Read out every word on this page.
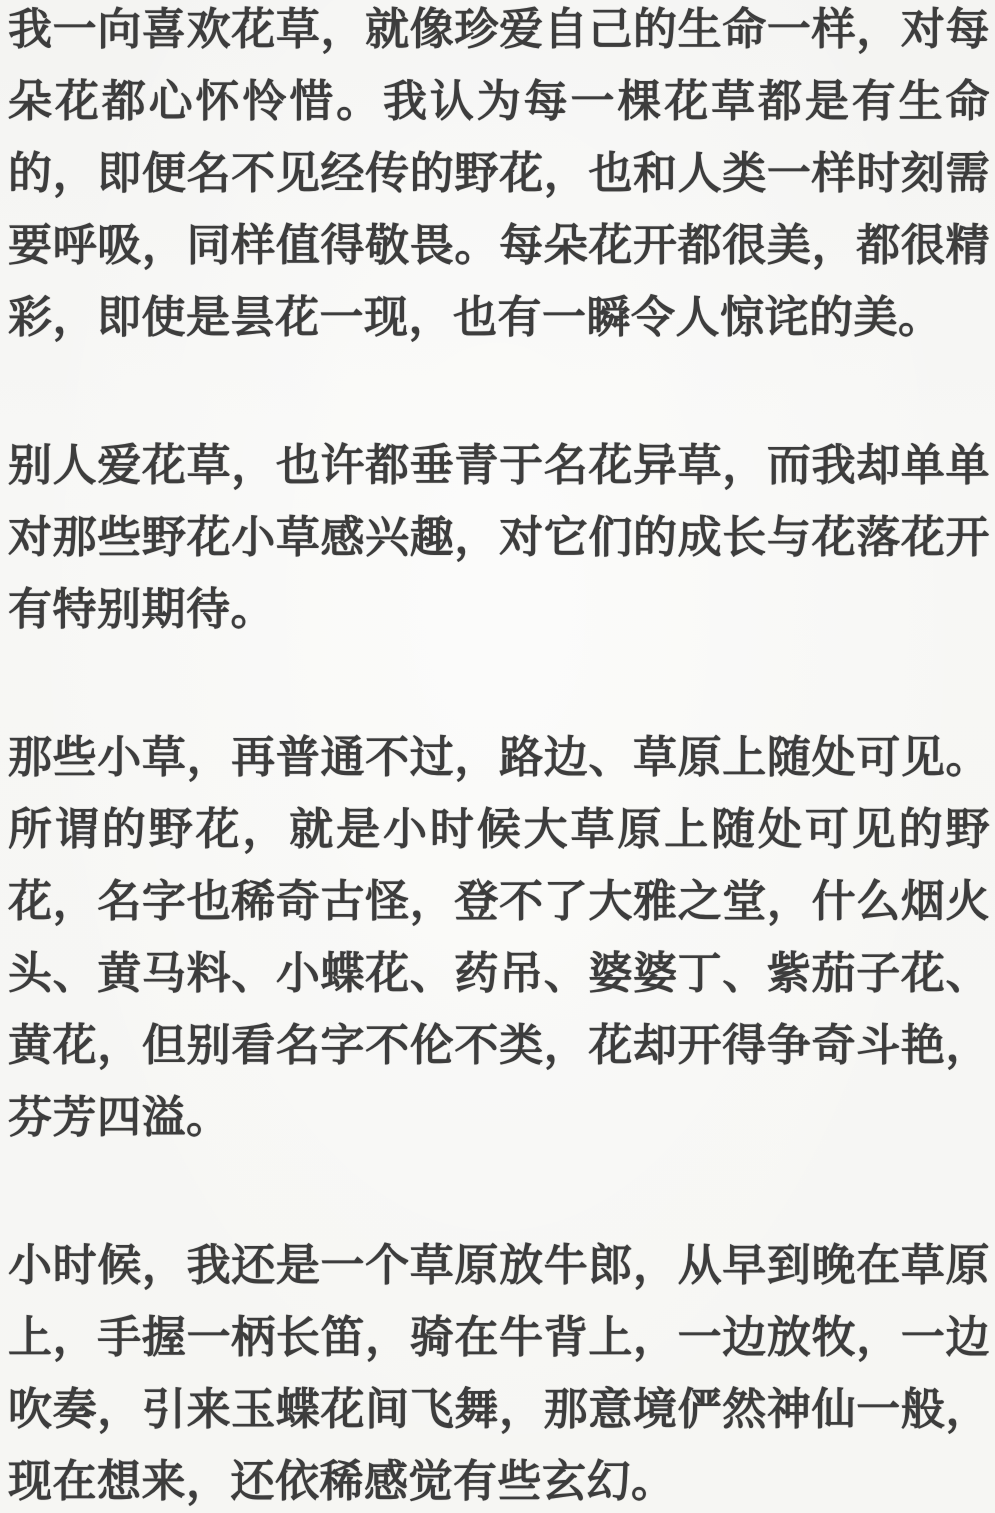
我一向喜欢花草，就像珍爱自己的生命一样，对每朵花都心怀怜惜。我认为每一棵花草都是有生命的，即便名不见经传的野花，也和人类一样时刻需要呼吸，同样值得敬畏。每朵花开都很美，都很精彩，即使是昙花一现，也有一瞬令人惊诧的美。

别人爱花草，也许都垂青于名花异草，而我却单单对那些野花小草感兴趣，对它们的成长与花落花开有特别期待。

那些小草，再普通不过，路边、草原上随处可见。所谓的野花，就是小时候大草原上随处可见的野花，名字也稀奇古怪，登不了大雅之堂，什么烟火头、黄马料、小蝶花、药吊、婆婆丁、紫茄子花、黄花，但别看名字不伦不类，花却开得争奇斗艳，芬芳四溢。

小时候，我还是一个草原放牛郎，从早到晚在草原上，手握一柄长笛，骑在牛背上，一边放牧，一边吹奏，引来玉蝶花间飞舞，那意境俨然神仙一般，现在想来，还依稀感觉有些玄幻。
